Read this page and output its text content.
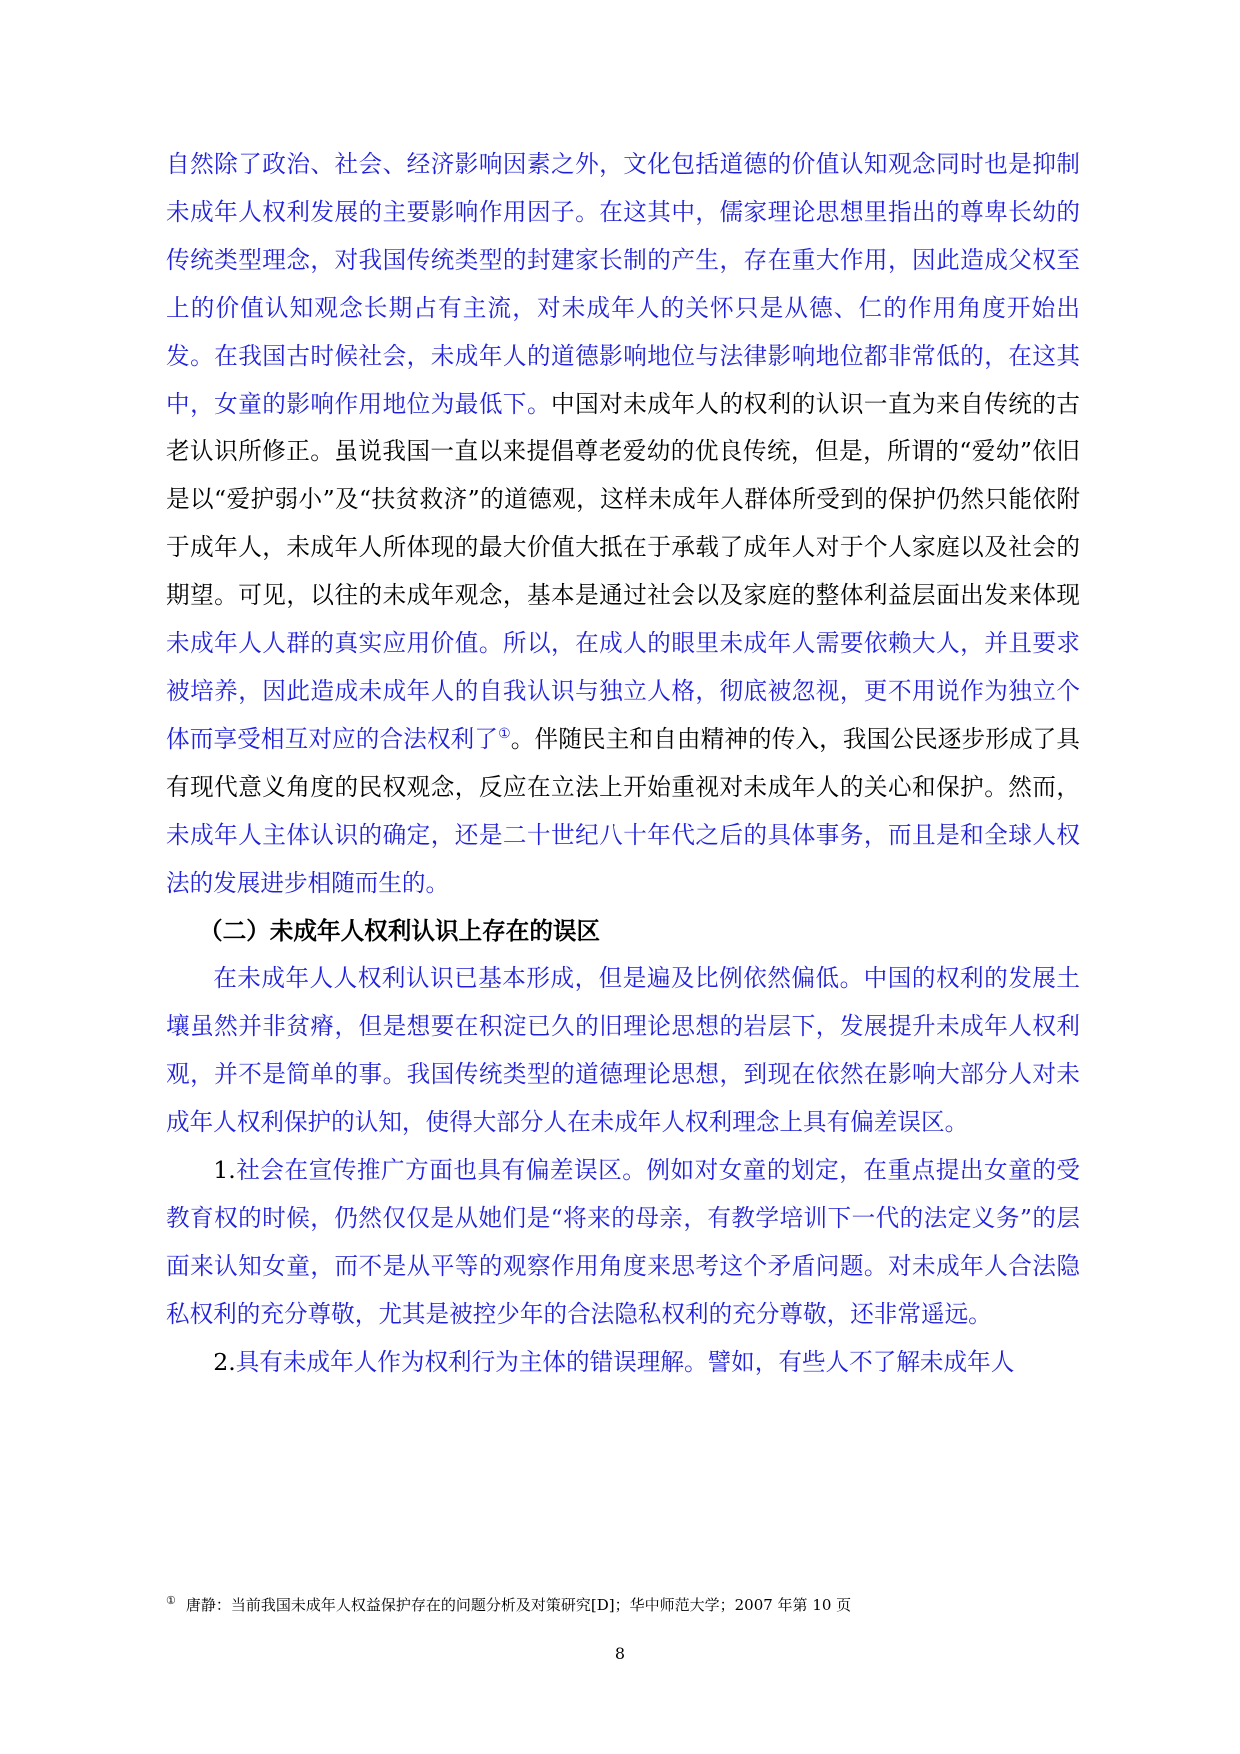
自然除了政治、社会、经济影响因素之外，文化包括道德的价值认知观念同时也是抑制未成年人权利发展的主要影响作用因子。在这其中，儒家理论思想里指出的尊卑长幼的传统类型理念，对我国传统类型的封建家长制的产生，存在重大作用，因此造成父权至上的价值认知观念长期占有主流，对未成年人的关怀只是从德、仁的作用角度开始出发。在我国古时候社会，未成年人的道德影响地位与法律影响地位都非常低的，在这其中，女童的影响作用地位为最低下。中国对未成年人的权利的认识一直为来自传统的古老认识所修正。虽说我国一直以来提倡尊老爱幼的优良传统，但是，所谓的“爱幼”依旧是以“爱护弱小”及“扶贫救济”的道德观，这样未成年人群体所受到的保护仍然只能依附于成年人，未成年人所体现的最大价值大抵在于承载了成年人对于个人家庭以及社会的期望。可见，以往的未成年观念，基本是通过社会以及家庭的整体利益层面出发来体现未成年人人群的真实应用价值。所以，在成人的眼里未成年人需要依赖大人，并且要求被培养，因此造成未成年人的自我认识与独立人格，彻底被忽视，更不用说作为独立个体而享受相互对应的合法权利了①。伴随民主和自由精神的传入，我国公民逐步形成了具有现代意义角度的民权观念，反应在立法上开始重视对未成年人的关心和保护。然而，未成年人主体认识的确定，还是二十世纪八十年代之后的具体事务，而且是和全球人权法的发展进步相随而生的。

（二）未成年人权利认识上存在的误区

在未成年人人权利认识已基本形成，但是遍及比例依然偏低。中国的权利的发展土壤虽然并非贫瘠，但是想要在积淀已久的旧理论思想的岩层下，发展提升未成年人权利观，并不是简单的事。我国传统类型的道德理论思想，到现在依然在影响大部分人对未成年人权利保护的认知，使得大部分人在未成年人权利理念上具有偏差误区。

1.社会在宣传推广方面也具有偏差误区。例如对女童的划定，在重点提出女童的受教育权的时候，仍然仅仅是从她们是“将来的母亲，有教学培训下一代的法定义务”的层面来认知女童，而不是从平等的观察作用角度来思考这个矛盾问题。对未成年人合法隐私权利的充分尊敬，尤其是被控少年的合法隐私权利的充分尊敬，还非常遥远。

2.具有未成年人作为权利行为主体的错误理解。譬如，有些人不了解未成年人

① 唐静：当前我国未成年人权益保护存在的问题分析及对策研究[D]；华中师范大学；2007 年第 10 页
8
